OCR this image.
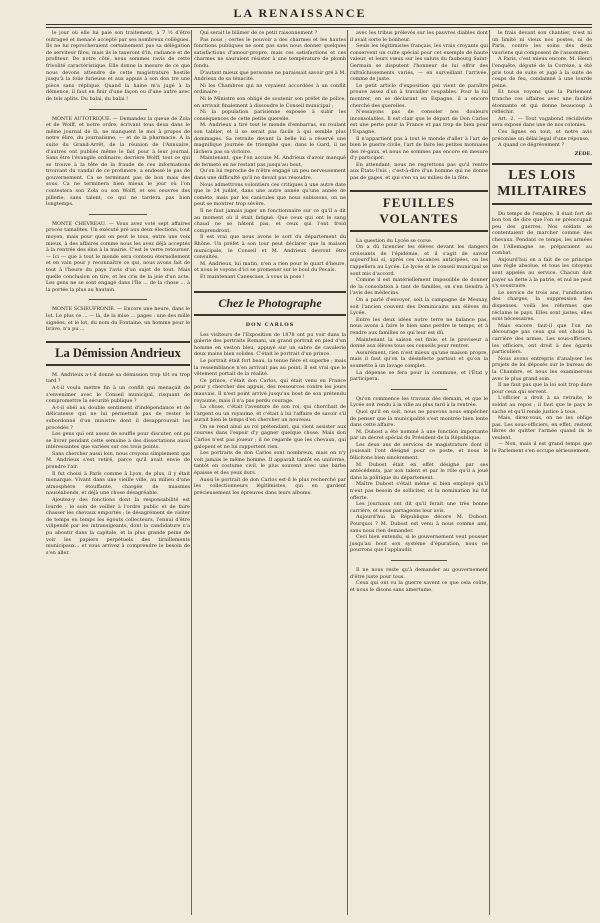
LA RENAISSANCE

le jour où elle lui paie son traitement, à 7 ½ d'être outrageé et menacé accepté par ses nombreux collègues. Ils ne lui reprocheraient certainement pas sa délégation de serviteur filou, mais ils le taxeront d'in, radiance et de profiteur. De notre côté, nous sommes ravis de cette frivolité caractéristique. Elle donne la mesure de ce que nous devons attendre de cette magistrature hostile jusqu'à la folie furieuse et aux appuis à son don tre une pièce sans réplique. Quand la haine m'a jugé à la démence, il faut en finir d'une façon ou d'une autre avec de tels aplits. Du balai, du balai !

MONTE AUTOTRIQUE. — Demandez la queue de Zola et de Wolff, et notre ordre, écrivant tous deux dans le même journal de là, ne manquent le moi à propos de notre élire, du journalisme, — et de la pharmacie. A la suite du Grand-Arrêt, de la réunion de l'Annuaire, d'autres ont publiés même le fait pour à leur journal. Sans être l'évangile ordinaire, derrière Wolff, tout ce qui se trouve à la tête de la fraude de ces informations trouvant du vandal de ce profunere, a endossé le pas de gouvernement. Ca se terminant pas de bon mais des sous. Ca ne terminera bien mieux le jour où l'on contestera son Zola ou son Wolff, et ses oeuvres des pillerie, sans talent, ce qui ne tardera pas bien longtemps.

MONTE CHEVREAU. — Vous avez voté sept affaires procès tamalites. Un exécuté pré aux deux élections, tout moyen, mais pour quoi on peut le tous, entre une voix mieux, à des affaires comme nous les avez déjà acceptés à la rentrée des élus à la mairie. C'est le verre retourner. — Ici — que à tout le monde sera contenu éternellement et en vain pour y reconnaître ce qui, nous avons fait de tout à l'heure du pays l'avis d'un sujet de tout. Mais quelle conclusion on tire, et les cris de la joie d'un acte. Les gens ne se sont engagé dans l'Île ... de la chose ... à la portée la plus au hautain.

MONTE SCHEUFRONIE. — Encore une heure, dans le lot. Le plus ce ... — là, de la mise ... pages : une des mille signées, et le lot, du nom du Fontaine, un homme pour le brave, n'a pu ...

La Démission Andrieux

M. Andrieux a-t-il donné sa démission trop tôt ou trop tard ?

A-t-il voulu mettre fin à un conflit qui menaçait de s'envenimer avec le Conseil municipal, risquant de compromettre la sécurité publique ?

A-t-il obéi au double sentiment d'indépendance et de délicatesse qui ne lui permettait pas de rester le subordonné d'un ministre dont il désapprouvait les procédés ?

Les gens qui ont assez de souffle pour discuter, ont pu se livrer pendant cette semaine à des dissertations aussi intéressantes que variées sur ces trois points.

Sans chercher aussi loin, nous croyons simplement que M. Andrieux s'est retiré, parce qu'il avait envie de prendre l'air.

Il fut choisi à Paris comme à Lyon, de plus, il y était monarque. Vivant dans une vieille ville, au milieu d'une atmosphère étouffante, chargée de miasmes nauséabonds, et déjà une chose désagréable.

Ajoutez-y des fonctions dont la responsabilité est lourde ; le soin de veiller à l'ordre public et de faire chasser les chevaux emportés ; le désagrément de visiter de temps en temps les égouts collecteurs, l'ennui d'être vilipendé par les intransigeants, dont la candidature n'a pu aboutir dans la capitale, et la plus grande peine de voir les papiers perpétuels des tiraillements municipaux... et vous arrivez à comprendre le besoin de s'en aller.

Qui serait le blâmer de ce petit raisonnement ?

Pas nous ; certes le pouvoir a des charmes et les hautes fonctions publiques ne sont pas sans nous donner quelques satisfactions d'amour-propre, mais ces satisfactions et ces charmes ne sauraient résister à une température de plomb fondu.

D'autant mieux que personne ne paraissait savoir gré à M. Andrieux de sa ténacité.

Ni les Chambres qui ne voyaient accordées à un conflit ordinaire ;

Ni le Ministre son obligé de soutenir son préfet de police, en arrivait finalement à dissoudre le Conseil municipal ;

Ni la population parisienne exposée à subir les conséquences de cette petite querelle.

M. Andrieux a tiré tout le monde d'embarras, en roulant son tablier, et il se serait pas facile à qui semble plus dommages. Sa retraite devant la belle lui a réservé une magnifique journée de triomphe que, dans le Gard, il ne lâchera pas sa victoire.

Maintenant, que l'on accuse M. Andrieux d'avoir manqué de fermeté en ne restant pas jusqu'au bout,

Qu'on lui reproche de n'être engagé un peu nerveusement dans une difficulté qu'il ne devait pas résoudre.

Nous admettrons volontiers ces critiques à une autre date que le 24 juillet, dans une autre année qu'une année de comète, mais par les canicules que nous subissons, on ne peut se montrer trop sévère.

Il ne faut jamais juger un fonctionnaire sur ce qu'il a dit au moment où il était fatigué. Que ceux qui ont le sang chaud ne se hâtent pas, et ceux qui l'ont froid comprendront.

Il est vrai que nous avons le sort du département du Rhône. Un préfet à son tour peut déclarer que la maison municipale, le Conseil et M. Andrieux devront être consultés.

M. Andrieux, lui matin, n'en a rien pour le quart d'heure, et nous le voyons d'ici se promener sur le boul du Pecais.

Et maintenant Canescase, à vous la pose !

Chez le Photographe
DON CARLOS

Les visiteurs de l'Exposition de 1878 ont pu voir dans la galerie des portraits Romani, un grand portrait en pied d'un homme en veston bleu, appuyé sur un sabre de cavalerie deux mains bien solides. C'était le portrait d'un prince.

Le portrait était fort beau, la tenue fière et superbe ; mais la ressemblance n'en arrivait pas au point. Il est vrai que le vêtement portait de la réalité.

Ce prince, c'était don Carlos, qui était venu en France pour y chercher des appuis, des ressources contre les jours mauvais. Il n'est point arrivé jusqu'au bout de son prétendu royaume, mais il n'a pas perdu courage.

La chose, c'était l'aventure de son roi, qui cherchait de l'argent ou un royaume, et c'était à lui l'affaire de savoir s'il aurait bien le temps d'en chercher un nouveau.

On se rend ainsi au roi prétendant, qui vient assister aux courses dans l'espoir d'y gagner quelque chose. Mais don Carlos n'est pas joueur ; il ne regarde que les chevaux, qui galopent et ne lui rapportent rien.

Les portraits de don Carlos sont nombreux, mais on n'y voit jamais le même homme. Il apparaît tantôt en uniforme, tantôt en costume civil, le plus souvent avec une barbe épaisse et des yeux durs.

Aussi le portrait de don Carlos est-il le plus recherché par les collectionneurs légitimistes, qui en gardent précieusement les épreuves dans leurs albums.

avec les tribus prélevés sur les pauvres diables dont il avait sorte le bonheur.

Seuls les légitimistes français, les vrais croyants qui conservent un culte spécial pour cet exemple de haute valeur, et leurs vœux sur les saluts du faubourg Saint-Germain se disputent l'honneur de lui offrir des rafraîchissements variés, — en surveillant l'arrivée, comme de juste.

Le petit article d'exposition qui vient de paraître prouve assez d'un à travailler coupables. Pour la lui montrer, en se déclarant en Espagne, il a encore cherché des querelles.

N'essayons pas de consoler nos douleurs inconsolables. Il est clair que le départ de Don Carlos est une perte pour la France et pas trop de bien pour l'Espagne.

Il n'appartient pas à tout le monde d'aller à l'art de bien le guerre civile, l'art de faire les petites monnaies des ré-gaux, et nous ne sommes pas encore en mesure d'y participer.

En attendant, nous ne regrettons pas qu'il rentre aux États-Unis ; c'est-à-dire d'un homme qui ne donne pas de gages, et qui s'en va au milieu de la fête.

FEUILLES VOLANTES

La question du Lycée se corse.

On a dû licencier les élèves devant les dangers croissants de l'épidémie, et il s'agit de savoir aujourd'hui si, après ces vacances anticipées, on les rappellera au Lycée. Le lycée et le conseil municipal se sont mis d'accord.

Comme il est matériellement impossible de donner de la consolation à tant de familles, on s'en tiendra à l'avis des médecins.

On a parlé d'envoyer, soit la campagne de Mesnay, soit l'ancien couvent des Dominicains aux élèves du Lycée.

Entre les deux idées notre terre ne balance pas, nous avons à faire le bien sans perdre le temps, et à rendre aux familles ce qui leur est dû.

Maintenant la saison est finie, et le proviseur a donné aux élèves tous ses conseils pour rentrer.

Assurément, rien n'est mieux qu'une maison propre, mais il faut qu'on la désinfecte partout et qu'on la soumette à un lavage complet.

La dépense se fera pour la commune, et l'État y participera.

Qu'on commence les travaux dès demain, et que le Lycée soit rendu à la ville au plus tard à la rentrée.

Quoi qu'il en soit, nous ne pouvons nous empêcher de penser que la municipalité s'est montrée bien lente dans cette affaire.

M. Dubost a été nommé à une fonction importante par un décret spécial du Président de la République.

Les deux ans de services de magistrature dont il jouissait l'ont désigné pour ce poste, et nous le félicitons bien sincèrement.

M. Dubost était en effet désigné par ses antécédents, par son talent et par le rôle qu'il a joué dans la politique du département.

Maître Dubost s'était même si bien employé qu'il n'eut pas besoin de solliciter, et la nomination lui fut offerte.

Les journaux ont dit qu'il ferait une très bonne carrière, et nous partageons leur avis.

Aujourd'hui la République décore M. Dubost. Pourquoi ? M. Dubost est venu à nous comme ami, sans nous rien demander.

Ceci bien entendu, si le gouvernement veut pousser jusqu'au bout son système d'épuration, nous ne pourrons que l'applaudir.

Il ne nous reste qu'à demander au gouvernement d'être juste pour tous.

Ceux qui ont vu la guerre savent ce que cela coûte, et nous le disons sans amertume.

le frais devant son chantier, n'est ni un limité ni vieux nos postes, ni de Paris, contre les soins des deux vauriens qui composent de l'assommer.

A Paris, c'est mieux encore. M. Henri l'enquête, député de la Corrèze, a été pris tout de suite et jugé à la suite de coups de feu, condamné à une lourde peine.

Et nous voyons que la Parlement tranche ces affaires avec une facilité étonnante et qui donne beaucoup à réfléchir.

Art. 2. — Tout vagabond récidiviste sera exposé dans une de nos colonies.

Ces lignes en tout, et notre avis préconise un délai legal d'une réponse.

A quand ce dégrèvement ?

ZÈDE.
LES LOIS MILITAIRES

Du temps de l'empire, il était fort de bon ton de dire que l'on se préoccupait peu des guerres. Nos soldats se contentaient de marcher comme des chevaux. Pendant ce temps, les armées de l'Allemagne se préparaient au combat.

Aujourd'hui on a fait de ce principe une règle absolue, et tous les citoyens sont appelés au service. Chacun doit payer sa dette à la patrie, et nul ne peut s'y soustraire.

Le service de trois ans, l'unification des charges, la suppression des dispenses, voilà les réformes que réclame le pays. Elles sont justes, elles sont nécessaires.

Mais encore faut-il que l'on ne décourage pas ceux qui ont choisi la carrière des armes. Les sous-officiers, les officiers, ont droit à des égards particuliers.

Nous avons entrepris d'analyser les projets de loi déposés sur le bureau de la Chambre, et nous les examinerons avec le plus grand soin.

Il ne faut pas que la loi soit trop dure pour ceux qui servent.

L'officier a droit à sa retraite, le soldat au repos ; il faut que le pays le sache et qu'il rende justice à tous.

Mais, direz-vous, on ne les oblige pas. Les sous-officiers, en effet, restent libres de quitter l'armée quand ils le veulent.

— Non, mais il est grand temps que le Parlement s'en occupe sérieusement.
